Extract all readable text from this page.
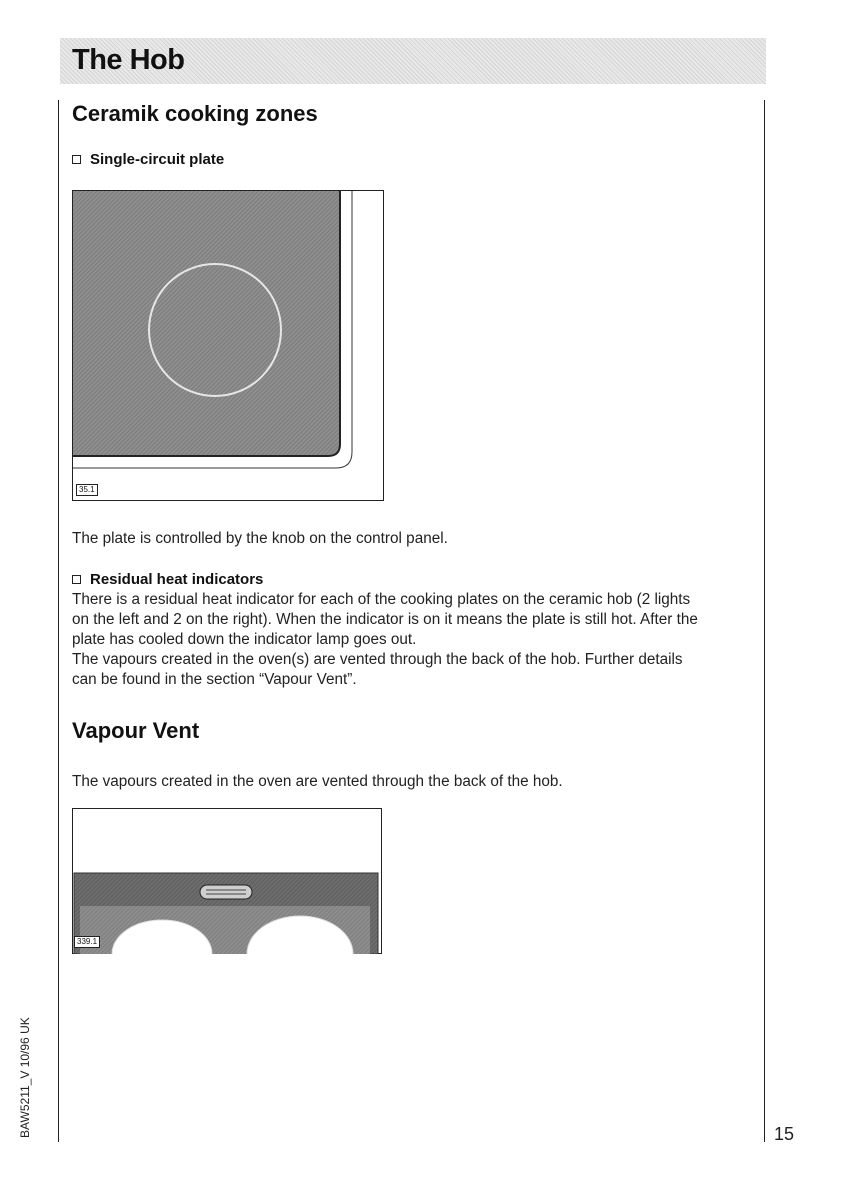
The Hob
Ceramik cooking zones
Single-circuit plate
35.1

The plate is controlled by the knob on the control panel.

Residual heat indicators
There is a residual heat indicator for each of the cooking plates on the ceramic hob (2 lights
on the left and 2 on the right). When the indicator is on it means the plate is still hot. After the
plate has cooled down the indicator lamp goes out.
The vapours created in the oven(s) are vented through the back of the hob. Further details
can be found in the section “Vapour Vent”.
Vapour Vent

The vapours created in the oven are vented through the back of the hob.

339.1
BAW5211_V 10/96 UK	15
